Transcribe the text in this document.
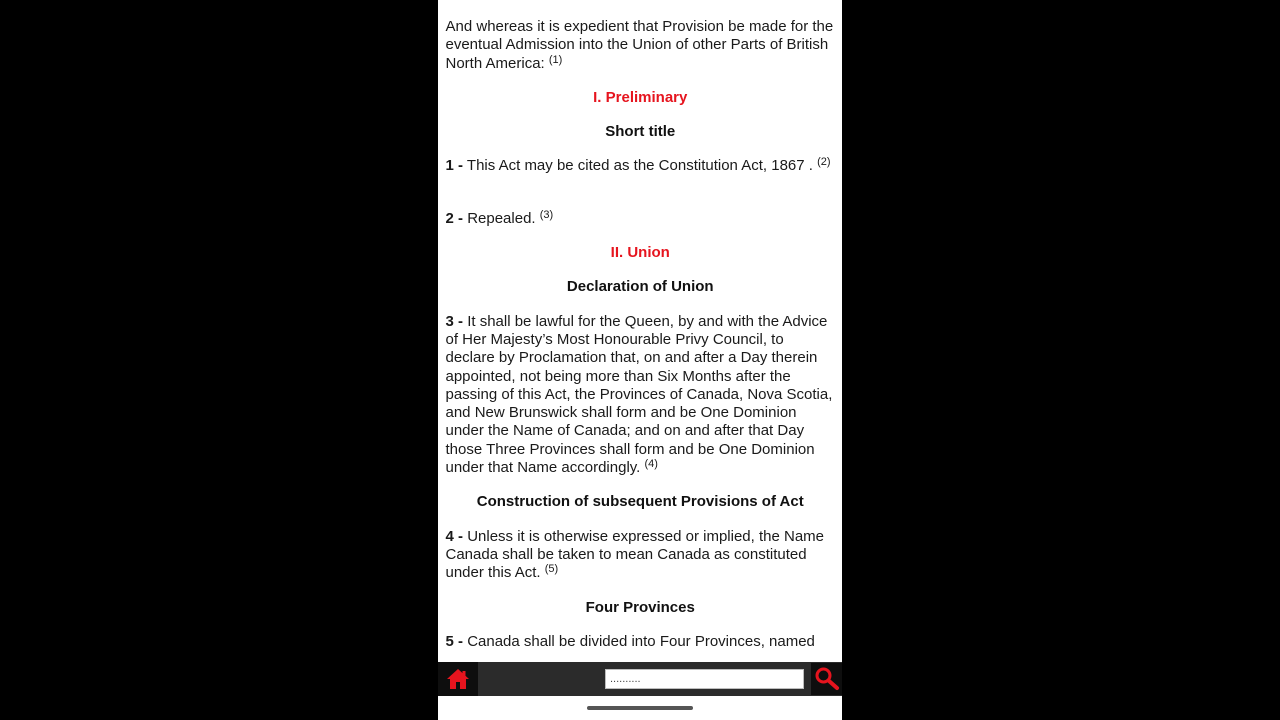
And whereas it is expedient that Provision be made for the eventual Admission into the Union of other Parts of British North America: $^{(1)}$

I. Preliminary
Short title

1 - This Act may be cited as the Constitution Act, 1867 . $^{(2)}$

2 - Repealed. $^{(3)}$

II. Union
Declaration of Union

3 - It shall be lawful for the Queen, by and with the Advice of Her Majesty’s Most Honourable Privy Council, to declare by Proclamation that, on and after a Day therein appointed, not being more than Six Months after the passing of this Act, the Provinces of Canada, Nova Scotia, and New Brunswick shall form and be One Dominion under the Name of Canada; and on and after that Day those Three Provinces shall form and be One Dominion under that Name accordingly. $^{(4)}$

Construction of subsequent Provisions of Act

4 - Unless it is otherwise expressed or implied, the Name Canada shall be taken to mean Canada as constituted under this Act. $^{(5)}$

Four Provinces

5 - Canada shall be divided into Four Provinces, named

..........
